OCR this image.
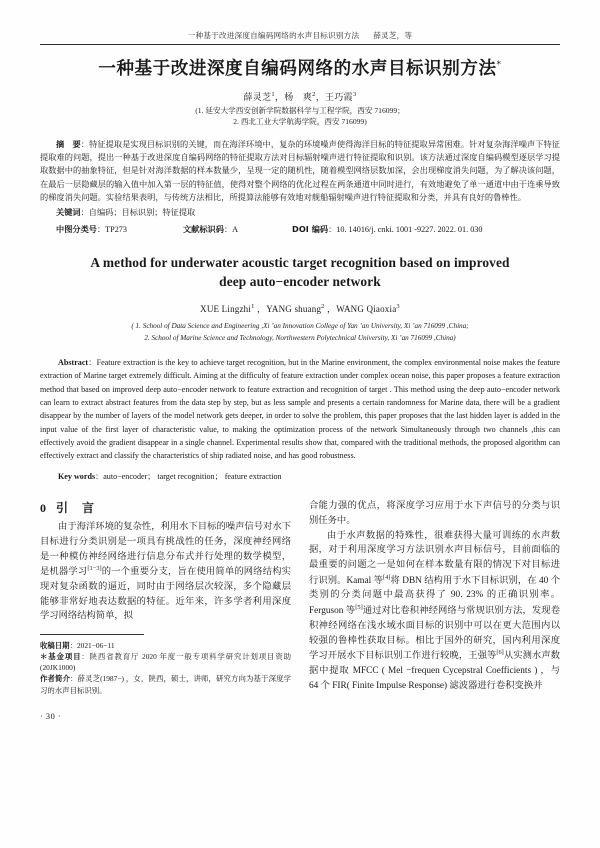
一种基于改进深度自编码网络的水声目标识别方法 薛灵芝，等
一种基于改进深度自编码网络的水声目标识别方法*
薛灵芝$^1$，杨　爽$^2$，王巧霞$^3$
(1. 延安大学西安创新学院数据科学与工程学院，西安 716099；
2. 西北工业大学航海学院，西安 716099)
摘　要：特征提取是实现目标识别的关键，而在海洋环境中，复杂的环境噪声使得海洋目标的特征提取异常困难。针对复杂海洋噪声下特征提取难的问题，提出一种基于改进深度自编码网络的特征提取方法对目标辐射噪声进行特征提取和识别。该方法通过深度自编码模型逐层学习提取数据中的抽象特征，但是针对海洋数据的样本数量少，呈现一定的随机性，随着模型网络层数加深，会出现梯度消失问题，为了解决该问题，在最后一层隐藏层的输入值中加入第一层的特征值，使得对整个网络的优化过程在两条通道中同时进行，有效地避免了单一通道中由于连乘导致的梯度消失问题。实验结果表明，与传统方法相比，所提算法能够有效地对舰船辐射噪声进行特征提取和分类，并具有良好的鲁棒性。
关键词：自编码；目标识别；特征提取
中图分类号：TP273	文献标识码：A	DOI 编码：10. 14016/j. cnki. 1001 -9227. 2022. 01. 030
A method for underwater acoustic target recognition based on improved
deep auto−encoder network
XUE Lingzhi$^1$ ，YANG shuang$^2$ ，WANG Qiaoxia$^3$
( 1. School of Data Science and Engineering ,Xi ’an Innovation College of Yan ’an University, Xi ’an 716099 ,China;
2. School of Marine Science and Technology, Northwestern Polytechnical University, Xi ’an 716099 ,China)
Abstract：Feature extraction is the key to achieve target recognition, but in the Marine environment, the complex environmental noise makes the feature extraction of Marine target extremely difficult. Aiming at the difficulty of feature extraction under complex ocean noise, this paper proposes a feature extraction method that based on improved deep auto−encoder network to feature extraction and recognition of target . This method using the deep auto−encoder network can learn to extract abstract features from the data step by step, but as less sample and presents a certain randomness for Marine data, there will be a gradient disappear by the number of layers of the model network gets deeper, in order to solve the problem, this paper proposes that the last hidden layer is added in the input value of the first layer of characteristic value, to making the optimization process of the network Simultaneously through two channels ,this can effectively avoid the gradient disappear in a single channel. Experimental results show that, compared with the traditional methods, the proposed algorithm can effectively extract and classify the characteristics of ship radiated noise, and has good robustness.
Key words：auto−encoder； target recognition； feature extraction
0 引　言
由于海洋环境的复杂性，利用水下目标的噪声信号对水下目标进行分类识别是一项具有挑战性的任务，深度神经网络是一种模仿神经网络进行信息分布式并行处理的数学模型，是机器学习[1−3]的一个重要分支，旨在使用简单的网络结构实现对复杂函数的逼近，同时由于网络层次较深，多个隐藏层能够非常好地表达数据的特征。近年来，许多学者利用深度学习网络结构简单，拟
收稿日期：2021−06−11
＊基金项目：陕西省教育厅 2020 年度一般专项科学研究计划项目资助(20JK1000)
作者简介：薛灵芝(1987−) ，女，陕西，硕士，讲师，研究方向为基于深度学习的水声目标识别。
· 30 ·
合能力强的优点，将深度学习应用于水下声信号的分类与识别任务中。
由于水声数据的特殊性，很难获得大量可训练的水声数据，对于利用深度学习方法识别水声目标信号，目前面临的最重要的问题之一是如何在样本数量有限的情况下对目标进行识别。Kamal 等[4]将 DBN 结构用于水下目标识别，在 40 个类别的分类问题中最高获得了 90. 23% 的正确识别率。Ferguson 等[5]通过对比卷积神经网络与常规识别方法，发现卷积神经网络在浅水域水面目标的识别中可以在更大范围内以较强的鲁棒性获取目标。相比于国外的研究，国内利用深度学习开展水下目标识别工作进行较晚，王强等[6]从实测水声数据中提取 MFCC ( Mel −frequen Cycepstral Coefficients ) ，与 64 个 FIR( Finite Impulse Response) 滤波器进行卷积变换并
